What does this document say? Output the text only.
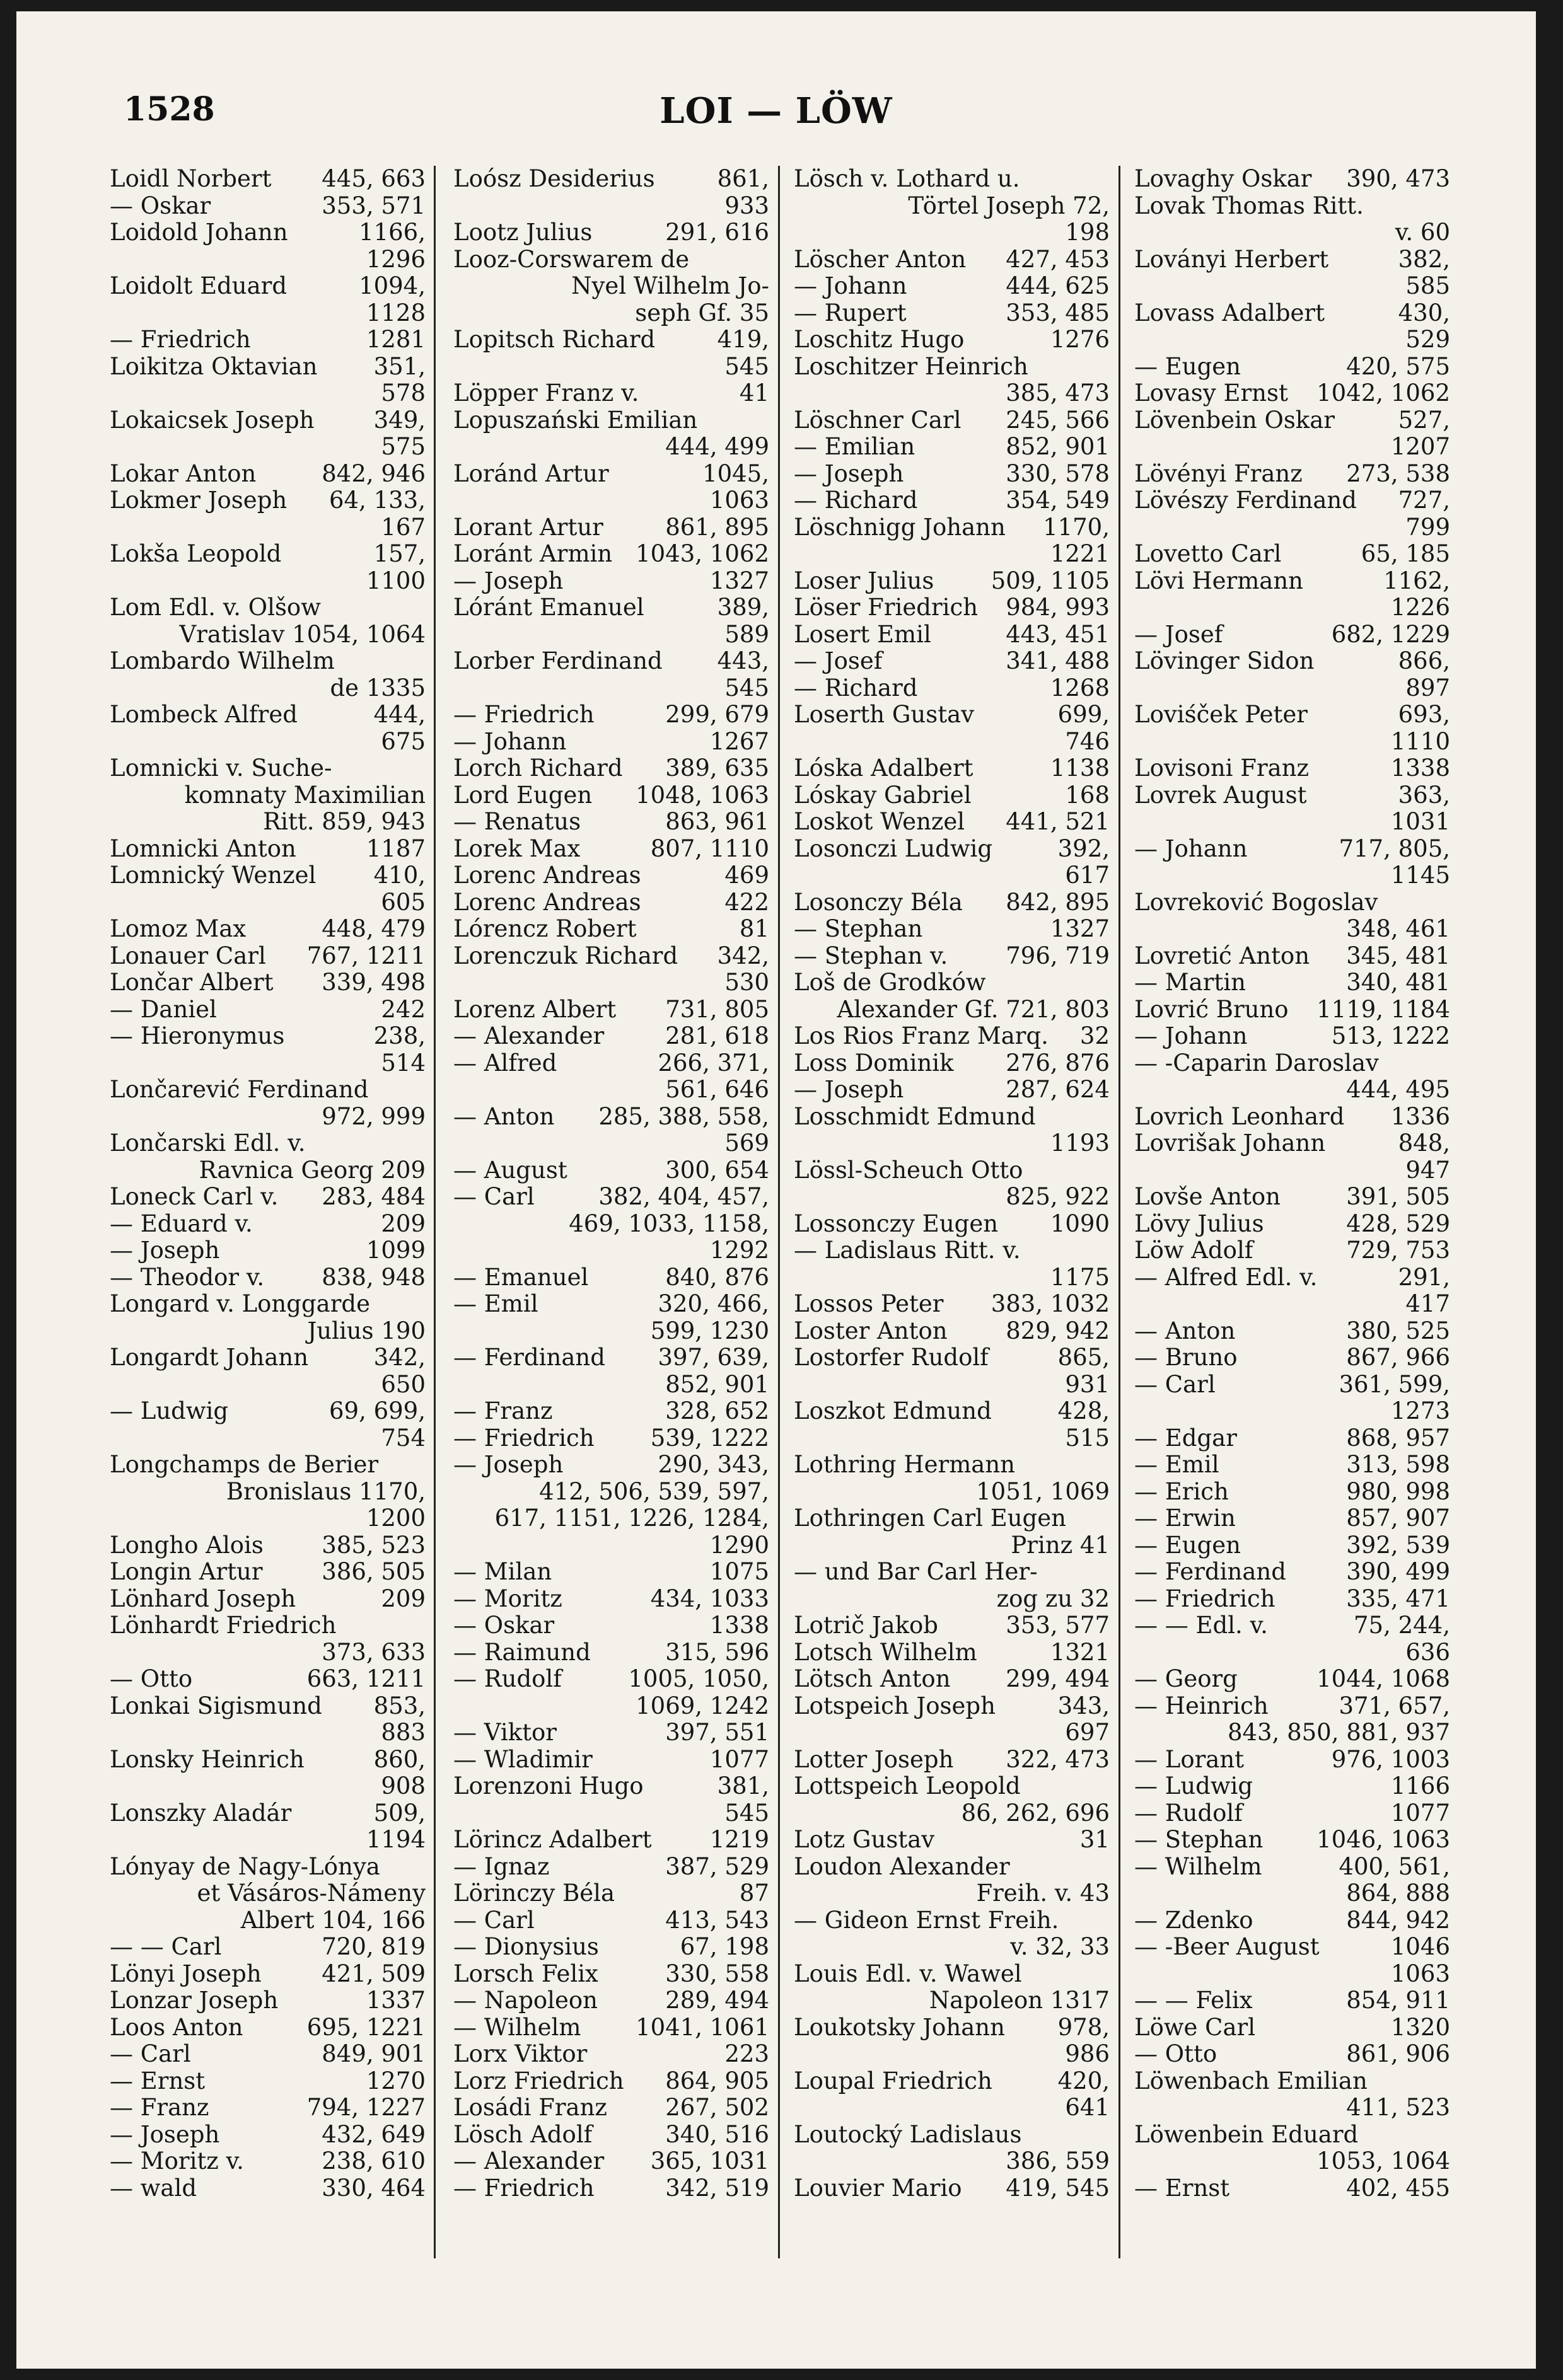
1528	LOI — LÖW
Loidl Norbert 445, 663
— Oskar	353, 571
Loidold Johann	1166,
1296
Loidolt Eduard	1094,
1128
— Friedrich	1281
Loikitza Oktavian 351,
578
Lokaicsek Joseph	349,
575
Lokar Anton	842, 946
Lokmer Joseph 64, 133,
167
Lokša Leopold	157,
1100
Lom Edl. v. Olšow
Vratislav 1054, 1064
Lombardo Wilhelm
de 1335
Lombeck Alfred	444,
675
Lomnicki v. Suche-
komnaty Maximilian
Ritt. 859, 943
Lomnicki Anton	1187
Lomnický Wenzel 410,
605
Lomoz Max	448, 479
Lonauer Carl 767, 1211
Lončar Albert 339, 498
— Daniel	242
— Hieronymus	238,
514
Lončarević Ferdinand
972, 999
Lončarski Edl. v.
Ravnica Georg 209
Loneck Carl v. 283, 484
— Eduard v.	209
— Joseph	1099
— Theodor v. 838, 948
Longard v. Longgarde
Julius 190
Longardt Johann	342,
650
— Ludwig	69, 699,
754
Longchamps de Berier
Bronislaus 1170,
1200
Longho Alois 385, 523
Longin Artur	386, 505
Lönhard Joseph	209
Lönhardt Friedrich
373, 633
— Otto	663, 1211
Lonkai Sigismund 853,
883
Lonsky Heinrich	860,
908
Lonszky Aladár	509,
1194
Lónyay de Nagy-Lónya
et Vásáros-Námeny
Albert 104, 166
— — Carl	720, 819
Lönyi Joseph	421, 509
Lonzar Joseph	1337
Loos Anton	695, 1221
— Carl	849, 901
— Ernst	1270
— Franz	794, 1227
— Joseph	432, 649
— Moritz v.	238, 610
— wald	330, 464
Loósz Desiderius	861,
933
Lootz Julius	291, 616
Looz-Corswarem de
Nyel Wilhelm Jo-
seph Gf. 35
Lopitsch Richard	419,
545
Löpper Franz v.	41
Lopuszański Emilian
444, 499
Loránd Artur	1045,
1063
Lorant Artur	861, 895
Loránt Armin 1043, 1062
— Joseph	1327
Lóránt Emanuel	389,
589
Lorber Ferdinand 443,
545
— Friedrich	299, 679
— Johann	1267
Lorch Richard 389, 635
Lord Eugen 1048, 1063
— Renatus	863, 961
Lorek Max	807, 1110
Lorenc Andreas	469
Lorenc Andreas	422
Lórencz Robert	81
Lorenczuk Richard 342,
530
Lorenz Albert 731, 805
— Alexander	281, 618
— Alfred	266, 371,
561, 646
— Anton 285, 388, 558,
569
— August	300, 654
— Carl	382, 404, 457,
469, 1033, 1158,
1292
— Emanuel	840, 876
— Emil	320, 466,
599, 1230
— Ferdinand 397, 639,
852, 901
— Franz	328, 652
— Friedrich 539, 1222
— Joseph	290, 343,
412, 506, 539, 597,
617, 1151, 1226, 1284,
1290
— Milan	1075
— Moritz	434, 1033
— Oskar	1338
— Raimund	315, 596
— Rudolf	1005, 1050,
1069, 1242
— Viktor	397, 551
— Wladimir	1077
Lorenzoni Hugo	381,
545
Lörincz Adalbert 1219
— Ignaz	387, 529
Lörinczy Béla	87
— Carl	413, 543
— Dionysius	67, 198
Lorsch Felix	330, 558
— Napoleon	289, 494
— Wilhelm 1041, 1061
Lorx Viktor	223
Lorz Friedrich 864, 905
Losádi Franz 267, 502
Lösch Adolf	340, 516
— Alexander 365, 1031
— Friedrich	342, 519
Lösch v. Lothard u.
Törtel Joseph 72,
198
Löscher Anton 427, 453
— Johann	444, 625
— Rupert	353, 485
Loschitz Hugo	1276
Loschitzer Heinrich
385, 473
Löschner Carl 245, 566
— Emilian	852, 901
— Joseph	330, 578
— Richard	354, 549
Löschnigg Johann 1170,
1221
Loser Julius 509, 1105
Löser Friedrich 984, 993
Losert Emil	443, 451
— Josef	341, 488
— Richard	1268
Loserth Gustav	699,
746
Lóska Adalbert	1138
Lóskay Gabriel	168
Loskot Wenzel 441, 521
Losonczi Ludwig	392,
617
Losonczy Béla 842, 895
— Stephan	1327
— Stephan v. 796, 719
Loš de Grodków
Alexander Gf. 721, 803
Los Rios Franz Marq. 32
Loss Dominik 276, 876
— Joseph	287, 624
Losschmidt Edmund
1193
Lössl-Scheuch Otto
825, 922
Lossonczy Eugen 1090
— Ladislaus Ritt. v.
1175
Lossos Peter 383, 1032
Loster Anton	829, 942
Lostorfer Rudolf	865,
931
Loszkot Edmund	428,
515
Lothring Hermann
1051, 1069
Lothringen Carl Eugen
Prinz 41
— und Bar Carl Her-
zog zu 32
Lotrič Jakob	353, 577
Lotsch Wilhelm	1321
Lötsch Anton 299, 494
Lotspeich Joseph	343,
697
Lotter Joseph 322, 473
Lottspeich Leopold
86, 262, 696
Lotz Gustav	31
Loudon Alexander
Freih. v. 43
— Gideon Ernst Freih.
v. 32, 33
Louis Edl. v. Wawel
Napoleon 1317
Loukotsky Johann 978,
986
Loupal Friedrich	420,
641
Loutocký Ladislaus
386, 559
Louvier Mario 419, 545
Lovaghy Oskar 390, 473
Lovak Thomas Ritt.
v. 60
Loványi Herbert	382,
585
Lovass Adalbert	430,
529
— Eugen	420, 575
Lovasy Ernst 1042, 1062
Lövenbein Oskar	527,
1207
Lövényi Franz 273, 538
Lövészy Ferdinand 727,
799
Lovetto Carl	65, 185
Lövi Hermann	1162,
1226
— Josef	682, 1229
Lövinger Sidon	866,
897
Loviśček Peter	693,
1110
Lovisoni Franz	1338
Lovrek August	363,
1031
— Johann	717, 805,
1145
Lovreković Bogoslav
348, 461
Lovretić Anton 345, 481
— Martin	340, 481
Lovrić Bruno 1119, 1184
— Johann	513, 1222
— -Caparin Daroslav
444, 495
Lovrich Leonhard 1336
Lovrišak Johann	848,
947
Lovše Anton	391, 505
Lövy Julius	428, 529
Löw Adolf	729, 753
— Alfred Edl. v.	291,
417
— Anton	380, 525
— Bruno	867, 966
— Carl	361, 599,
1273
— Edgar	868, 957
— Emil	313, 598
— Erich	980, 998
— Erwin	857, 907
— Eugen	392, 539
— Ferdinand	390, 499
— Friedrich	335, 471
— — Edl. v.	75, 244,
636
— Georg	1044, 1068
— Heinrich	371, 657,
843, 850, 881, 937
— Lorant	976, 1003
— Ludwig	1166
— Rudolf	1077
— Stephan 1046, 1063
— Wilhelm	400, 561,
864, 888
— Zdenko	844, 942
— -Beer August	1046
1063
— — Felix	854, 911
Löwe Carl	1320
— Otto	861, 906
Löwenbach Emilian
411, 523
Löwenbein Eduard
1053, 1064
— Ernst	402, 455
